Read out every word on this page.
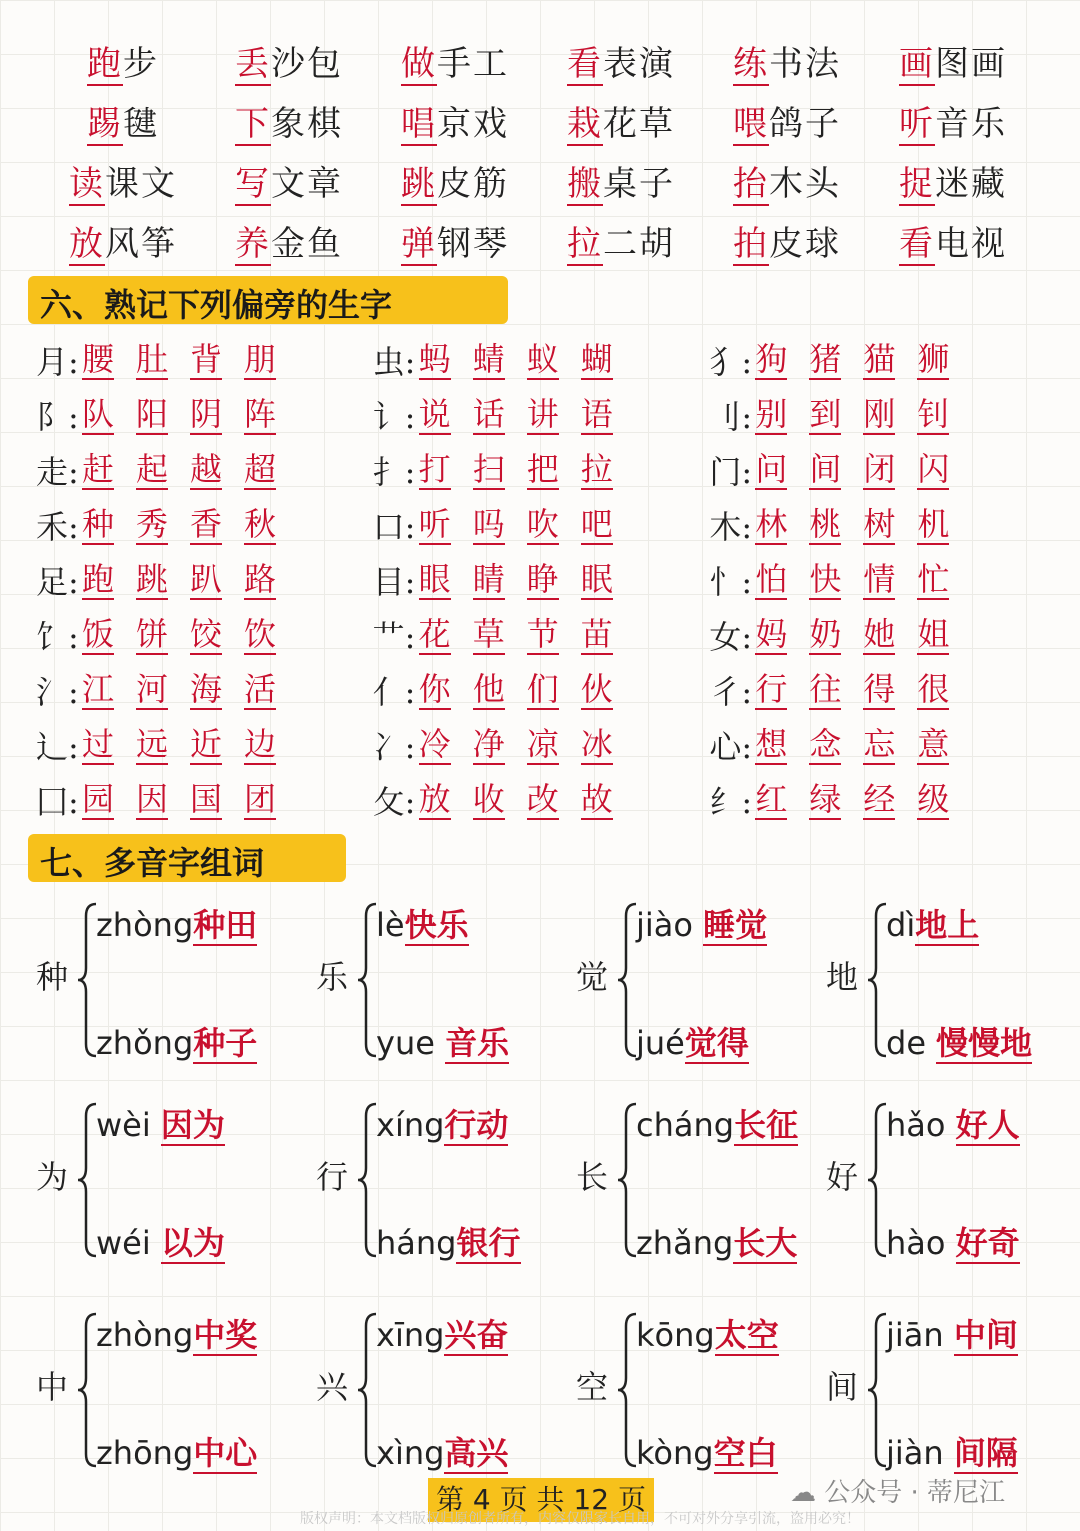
跑步	丢沙包	做手工	看表演	练书法	画图画
踢毽	下象棋	唱京戏	栽花草	喂鸽子	听音乐
读课文	写文章	跳皮筋	搬桌子	抬木头	捉迷藏
放风筝	养金鱼	弹钢琴	拉二胡	拍皮球	看电视
六、熟记下列偏旁的生字
月: 腰 肚 背 朋	虫: 蚂 蜻 蚁 蝴	犭: 狗 猪 猫 狮
阝: 队 阳 阴 阵	讠: 说 话 讲 语	刂: 别 到 刚 钊
走: 赶 起 越 超	扌: 打 扫 把 拉	门: 问 间 闭 闪
禾: 种 秀 香 秋	口: 听 吗 吹 吧	木: 林 桃 树 机
足: 跑 跳 趴 路	目: 眼 睛 睁 眠	忄: 怕 快 情 忙
饣: 饭 饼 饺 饮	艹: 花 草 节 苗	女: 妈 奶 她 姐
氵: 江 河 海 活	亻: 你 他 们 伙	彳: 行 往 得 很
辶: 过 远 近 边	冫: 冷 净 凉 冰	心: 想 念 忘 意
囗: 园 因 国 团	攵: 放 收 改 故	纟: 红 绿 经 级
七、多音字组词
种
zhòng种田
zhǒng种子
乐
lè快乐
yue 音乐
觉
jiào 睡觉
jué觉得
地
dì地上
de 慢慢地
为
wèi 因为
wéi 以为
行
xíng行动
háng银行
长
cháng长征
zhǎng长大
好
hǎo 好人
hào 好奇
中
zhòng中奖
zhōng中心
兴
xīng兴奋
xìng高兴
空
kōng太空
kòng空白
间
jiān 中间
jiàn 间隔
第 4 页 共 12 页	☁ 公众号 · 蒂尼江
版权声明：本文档版权归原创者所有，内容仅限家长自用，不可对外分享引流，盗用必究！
